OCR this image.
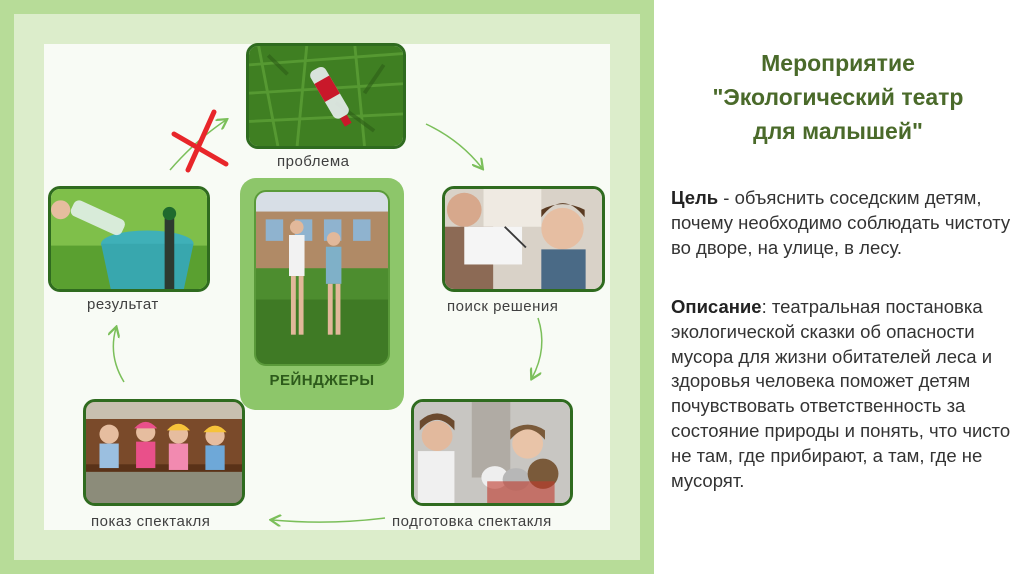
РЕЙНДЖЕРЫ
проблема
поиск решения
подготовка спектакля
показ спектакля
результат
Мероприятие
"Экологический театр
для малышей"
Цель - объяснить соседским детям, почему необходимо соблюдать чистоту во дворе, на улице, в лесу.
Описание: театральная постановка экологической сказки об опасности мусора для жизни обитателей леса и здоровья человека поможет детям почувствовать ответственность за состояние природы и понять, что чисто не там, где прибирают, а там, где не мусорят.
